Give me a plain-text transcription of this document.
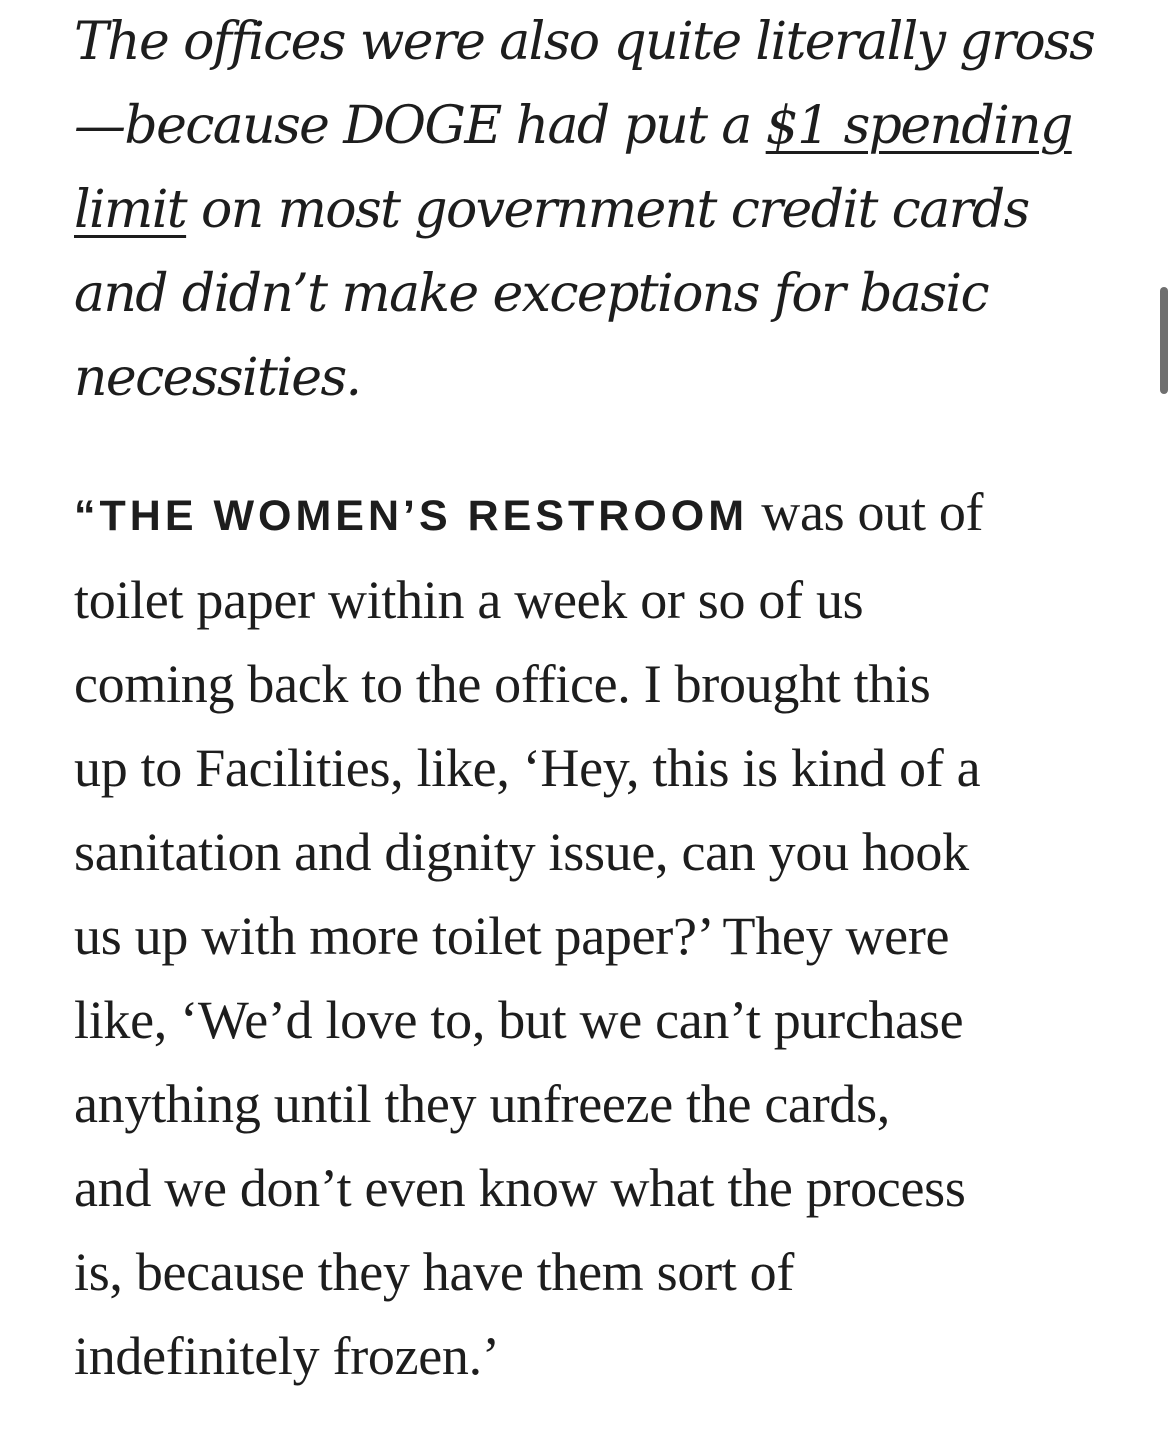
The offices were also quite literally gross
—because DOGE had put a $1 spending
limit on most government credit cards
and didn’t make exceptions for basic
necessities.

“THE WOMEN’S RESTROOM was out of
toilet paper within a week or so of us
coming back to the office. I brought this
up to Facilities, like, ‘Hey, this is kind of a
sanitation and dignity issue, can you hook
us up with more toilet paper?’ They were
like, ‘We’d love to, but we can’t purchase
anything until they unfreeze the cards,
and we don’t even know what the process
is, because they have them sort of
indefinitely frozen.’
